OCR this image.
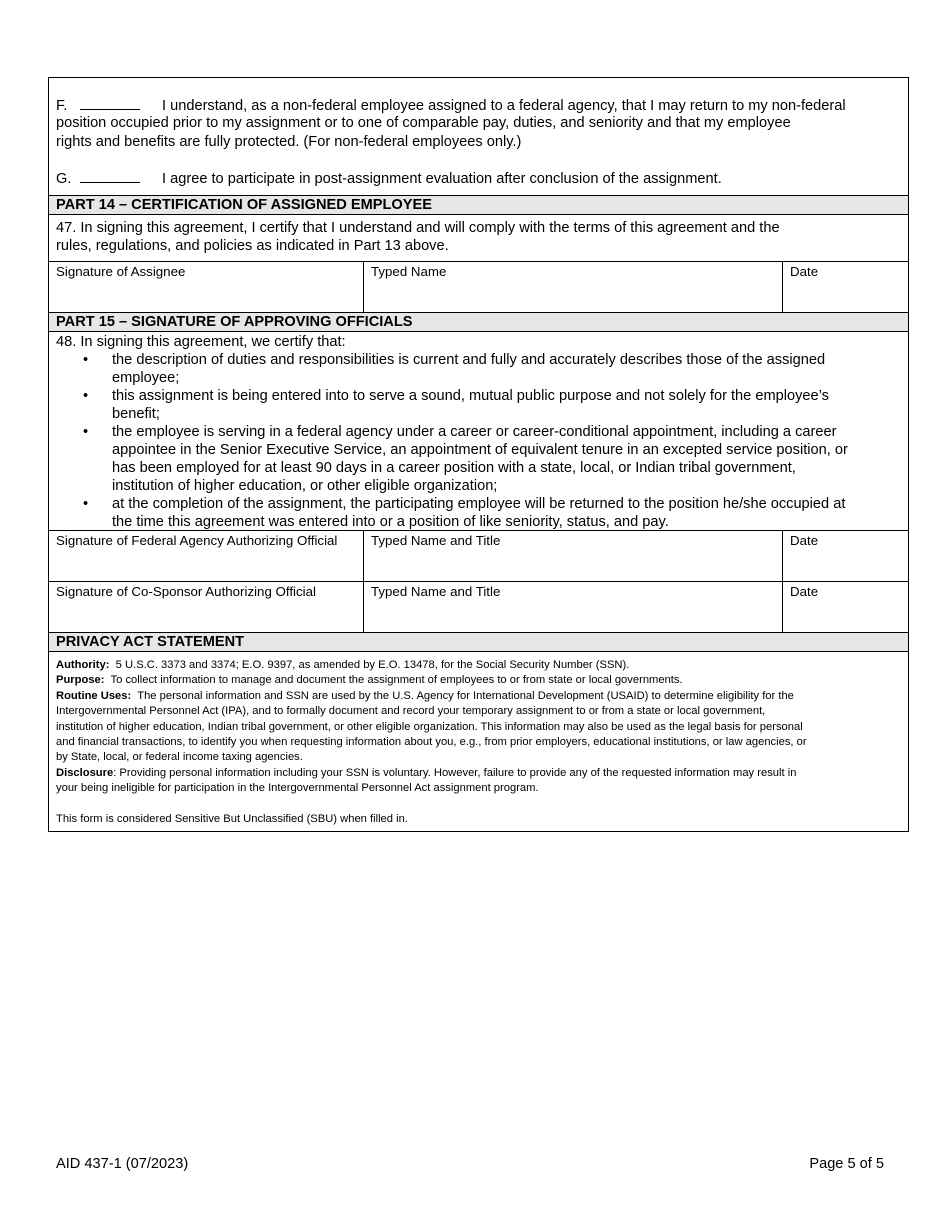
F.	I understand, as a non-federal employee assigned to a federal agency, that I may return to my non-federal
position occupied prior to my assignment or to one of comparable pay, duties, and seniority and that my employee
rights and benefits are fully protected. (For non-federal employees only.)
G.	I agree to participate in post-assignment evaluation after conclusion of the assignment.
PART 14 – CERTIFICATION OF ASSIGNED EMPLOYEE
47. In signing this agreement, I certify that I understand and will comply with the terms of this agreement and the
rules, regulations, and policies as indicated in Part 13 above.
Signature of Assignee	Typed Name	Date
PART 15 – SIGNATURE OF APPROVING OFFICIALS
48. In signing this agreement, we certify that:
• the description of duties and responsibilities is current and fully and accurately describes those of the assigned
employee;
• this assignment is being entered into to serve a sound, mutual public purpose and not solely for the employee’s
benefit;
• the employee is serving in a federal agency under a career or career-conditional appointment, including a career
appointee in the Senior Executive Service, an appointment of equivalent tenure in an excepted service position, or
has been employed for at least 90 days in a career position with a state, local, or Indian tribal government,
institution of higher education, or other eligible organization;
• at the completion of the assignment, the participating employee will be returned to the position he/she occupied at
the time this agreement was entered into or a position of like seniority, status, and pay.
Signature of Federal Agency Authorizing Official	Typed Name and Title	Date
Signature of Co-Sponsor Authorizing Official	Typed Name and Title	Date
PRIVACY ACT STATEMENT
Authority: 5 U.S.C. 3373 and 3374; E.O. 9397, as amended by E.O. 13478, for the Social Security Number (SSN).
Purpose: To collect information to manage and document the assignment of employees to or from state or local governments.
Routine Uses: The personal information and SSN are used by the U.S. Agency for International Development (USAID) to determine eligibility for the
Intergovernmental Personnel Act (IPA), and to formally document and record your temporary assignment to or from a state or local government,
institution of higher education, Indian tribal government, or other eligible organization. This information may also be used as the legal basis for personal
and financial transactions, to identify you when requesting information about you, e.g., from prior employers, educational institutions, or law agencies, or
by State, local, or federal income taxing agencies.
Disclosure: Providing personal information including your SSN is voluntary. However, failure to provide any of the requested information may result in
your being ineligible for participation in the Intergovernmental Personnel Act assignment program.
This form is considered Sensitive But Unclassified (SBU) when filled in.
AID 437-1 (07/2023)	Page 5 of 5
